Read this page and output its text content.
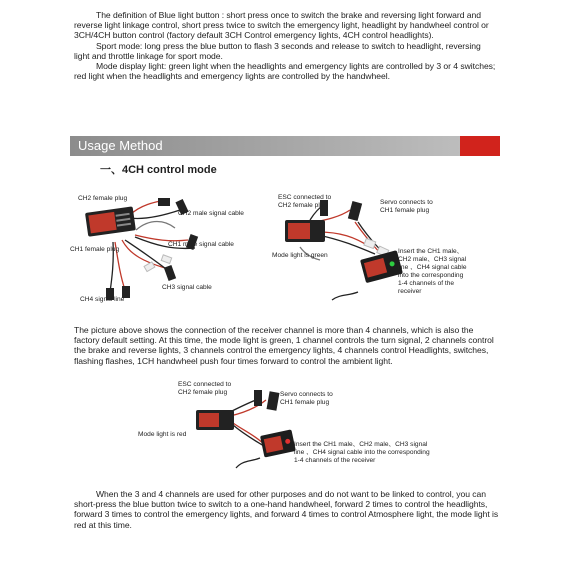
The definition of Blue light button : short press once to switch the brake and reversing light forward and reverse light linkage control, short press twice to switch the emergency light, headlight by handwheel control or 3CH/4CH button control (factory default 3CH Control emergency lights, 4CH control headlights).

Sport mode: long press the blue button to flash 3 seconds and release to switch to headlight, reversing light and throttle linkage for sport mode.

Mode display light: green light when the headlights and emergency lights are controlled by 3 or 4 switches; red light when the headlights and emergency lights are controlled by the handwheel.

Usage Method
一、4CH control mode
CH2 female plug
CH2 male signal cable
CH1 female plug
CH1 male signal cable
CH3 signal cable
CH4 signal line
ESC connected to
CH2 female plug	Servo connects to
CH1 female plug
Mode light is green
Insert the CH1 male、
CH2 male、CH3 signal
line 、CH4 signal cable
into the corresponding
1-4 channels of the
receiver

The picture above shows the connection of the receiver channel is more than 4 channels, which is also the factory default setting. At this time, the mode light is green, 1 channel controls the turn signal, 2 channels control the brake and reverse lights, 3 channels control the emergency lights, 4 channels control Headlights, switches, flashing flashes, 1CH handwheel push four times forward to control the ambient light.

ESC connected to
CH2 female plug	Servo connects to
CH1 female plug
Mode light is red
Insert the CH1 male、CH2 male、CH3 signal
line 、CH4 signal cable into the corresponding
1-4 channels of the receiver

When the 3 and 4 channels are used for other purposes and do not want to be linked to control, you can short-press the blue button twice to switch to a one-hand handwheel, forward 2 times to control the headlights, forward 3 times to control the emergency lights, and forward 4 times to control Atmosphere light, the mode light is red at this time.
